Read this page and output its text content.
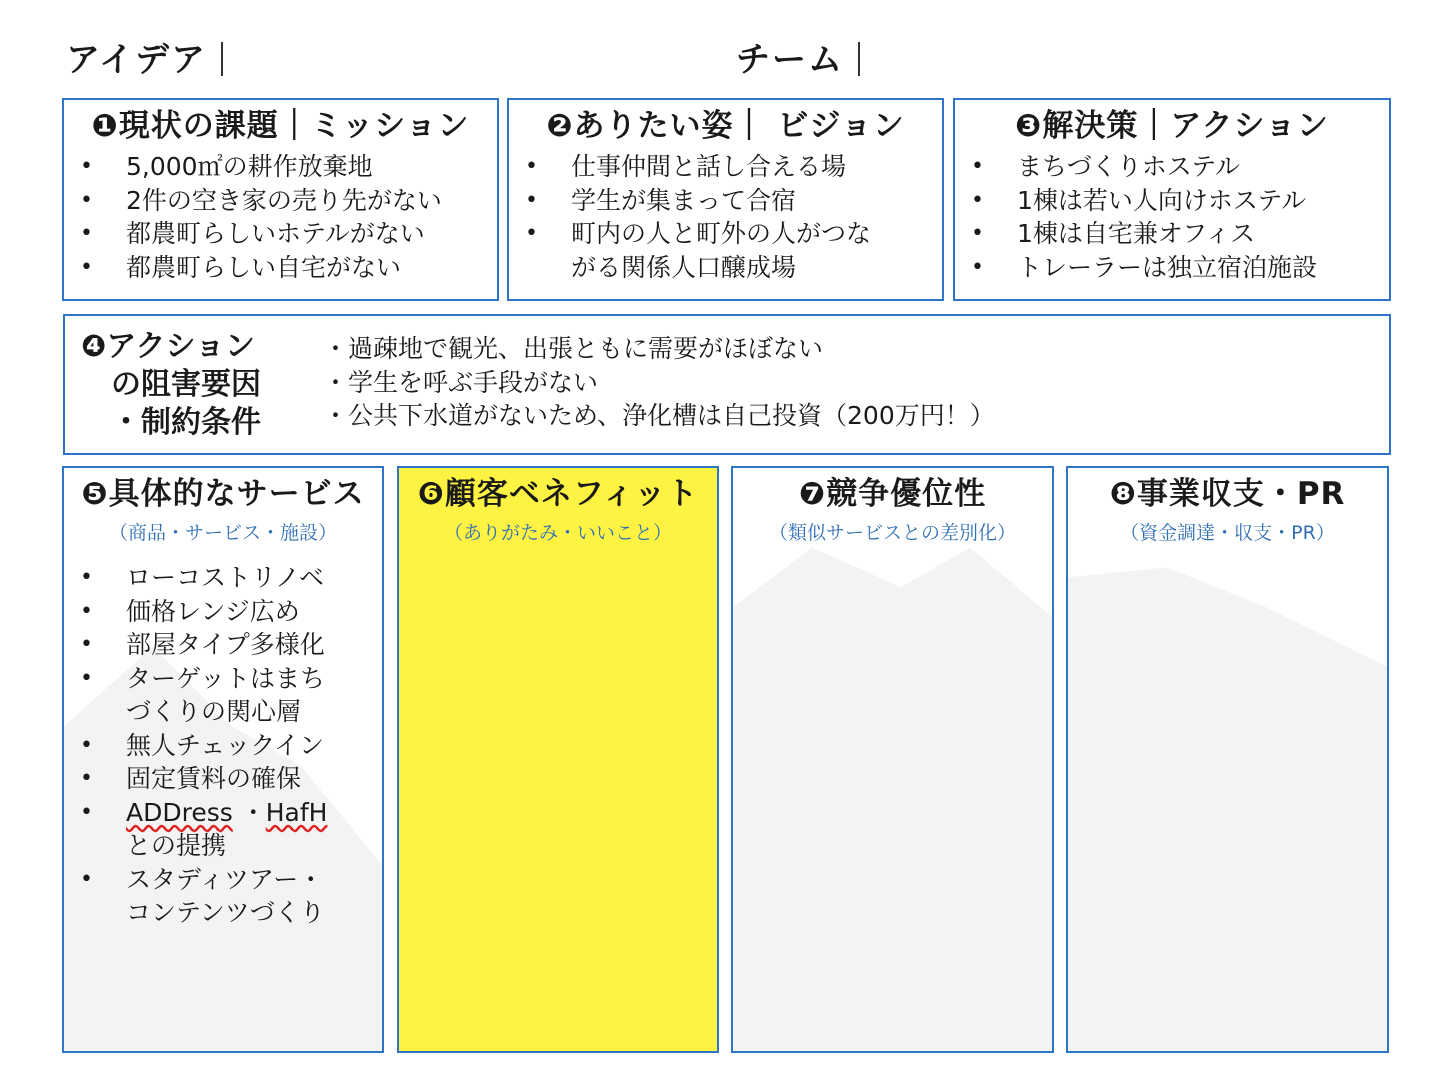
アイデア	チーム
❶現状の課題｜ミッション
• 5,000㎡の耕作放棄地
• 2件の空き家の売り先がない
• 都農町らしいホテルがない
• 都農町らしい自宅がない
❷ありたい姿｜ ビジョン
• 仕事仲間と話し合える場
• 学生が集まって合宿
• 町内の人と町外の人がつな
がる関係人口醸成場
❸解決策｜アクション
• まちづくりホステル
• 1棟は若い人向けホステル
• 1棟は自宅兼オフィス
• トレーラーは独立宿泊施設
❹アクション
の阻害要因
・制約条件
・過疎地で観光、出張ともに需要がほぼない
・学生を呼ぶ手段がない
・公共下水道がないため、浄化槽は自己投資（200万円！）
❺具体的なサービス
（商品・サービス・施設）
• ローコストリノベ
• 価格レンジ広め
• 部屋タイプ多様化
• ターゲットはまち
づくりの関心層
• 無人チェックイン
• 固定賃料の確保
• ADDress ・HafH
との提携
• スタディツアー・
コンテンツづくり
❻顧客ベネフィット
（ありがたみ・いいこと）
❼競争優位性
（類似サービスとの差別化）
❽事業収支・PR
（資金調達・収支・PR）
